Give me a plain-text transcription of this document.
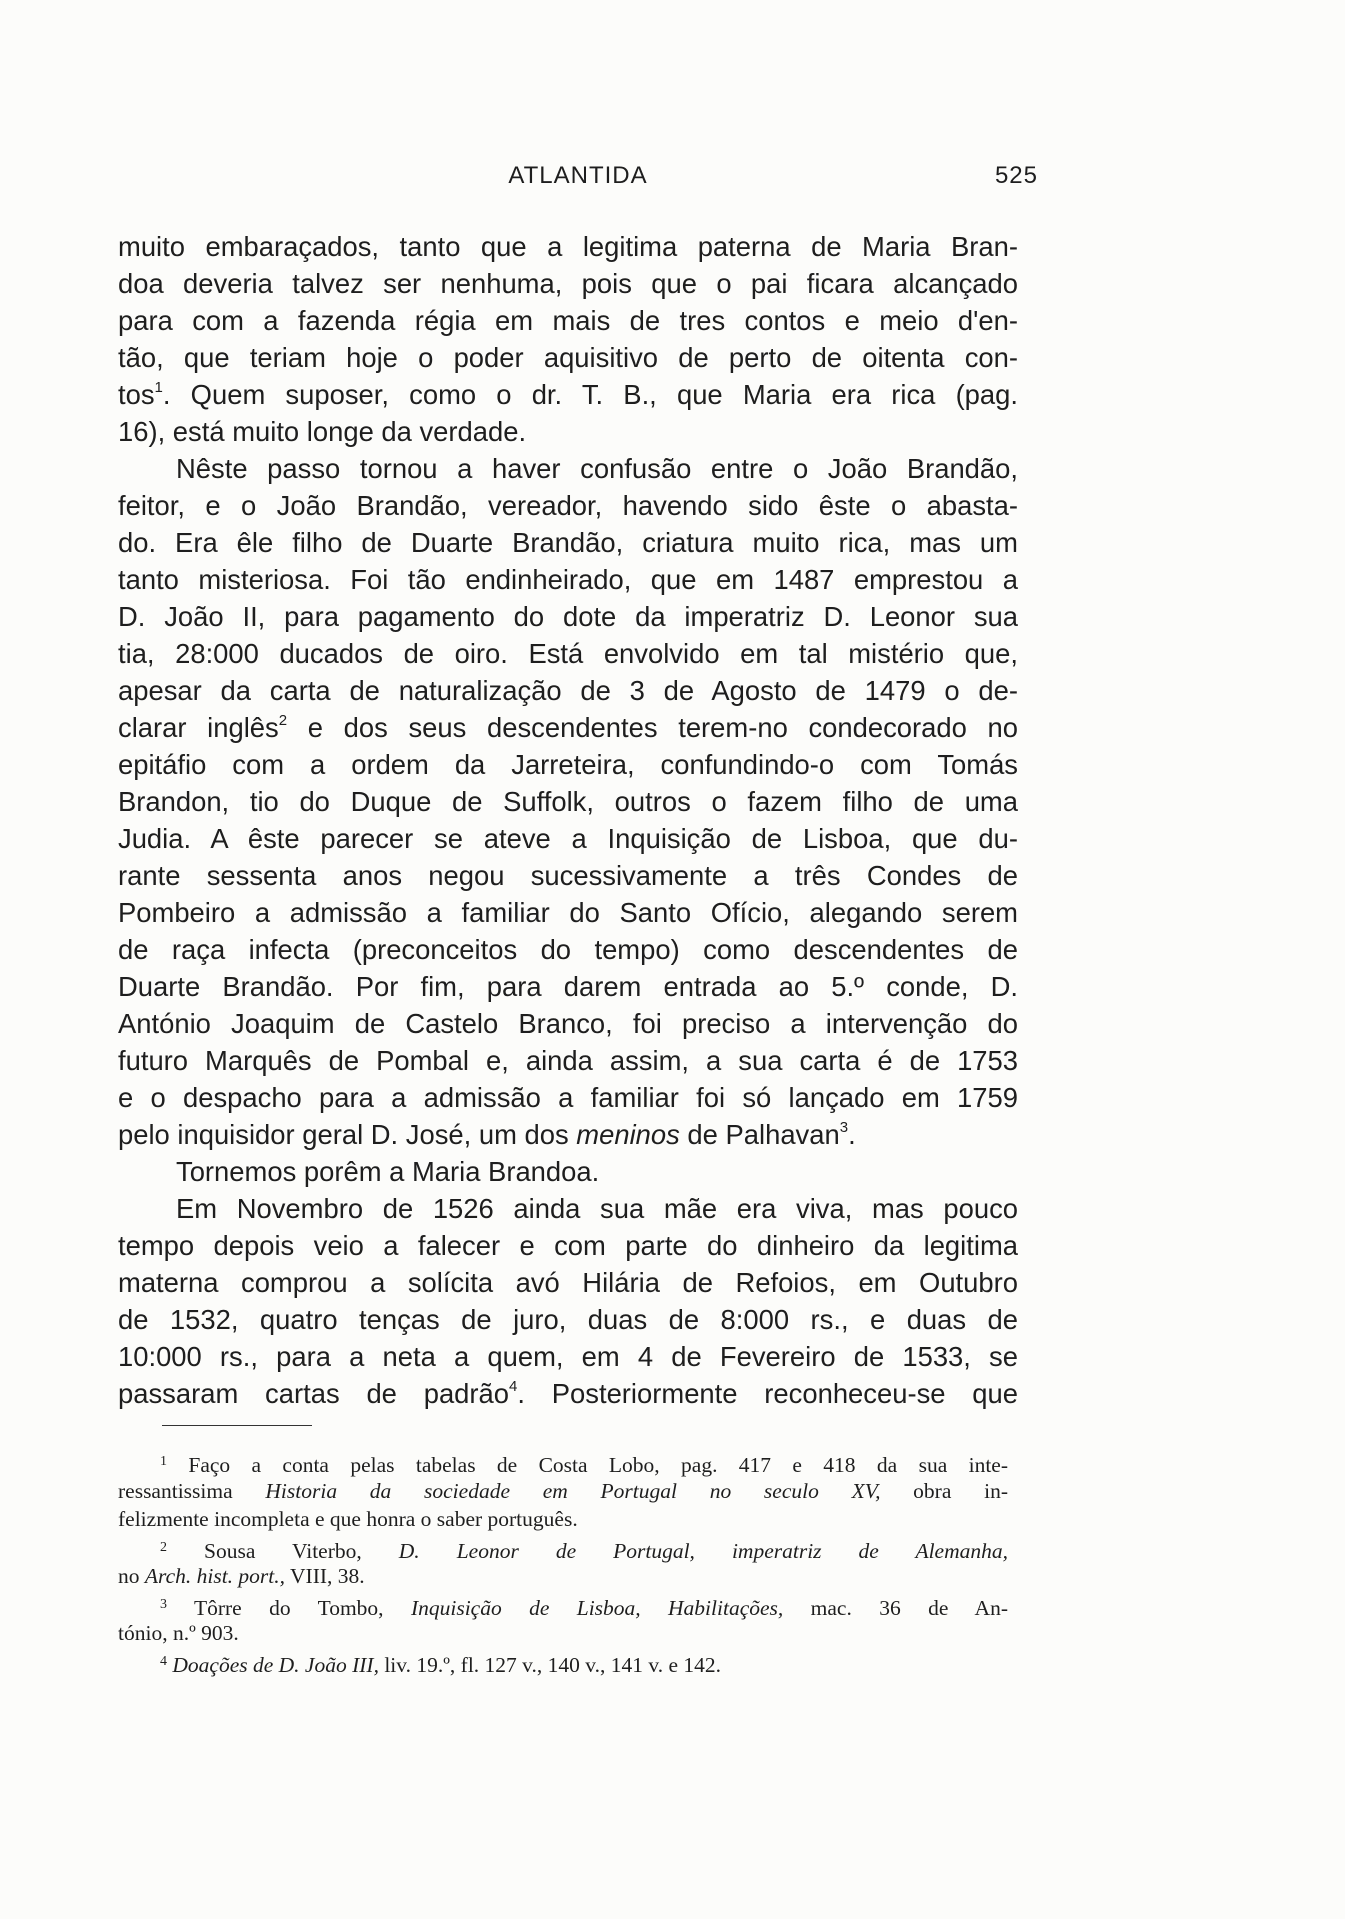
ATLANTIDA	525
muito embaraçados, tanto que a legitima paterna de Maria Bran-
doa deveria talvez ser nenhuma, pois que o pai ficara alcançado
para com a fazenda régia em mais de tres contos e meio d'en-
tão, que teriam hoje o poder aquisitivo de perto de oitenta con-
tos$^1$. Quem suposer, como o dr. T. B., que Maria era rica (pag.
16), está muito longe da verdade.
Nêste passo tornou a haver confusão entre o João Brandão,
feitor, e o João Brandão, vereador, havendo sido êste o abasta-
do. Era êle filho de Duarte Brandão, criatura muito rica, mas um
tanto misteriosa. Foi tão endinheirado, que em 1487 emprestou a
D. João II, para pagamento do dote da imperatriz D. Leonor sua
tia, 28:000 ducados de oiro. Está envolvido em tal mistério que,
apesar da carta de naturalização de 3 de Agosto de 1479 o de-
clarar inglês$^2$ e dos seus descendentes terem-no condecorado no
epitáfio com a ordem da Jarreteira, confundindo-o com Tomás
Brandon, tio do Duque de Suffolk, outros o fazem filho de uma
Judia. A êste parecer se ateve a Inquisição de Lisboa, que du-
rante sessenta anos negou sucessivamente a três Condes de
Pombeiro a admissão a familiar do Santo Ofício, alegando serem
de raça infecta (preconceitos do tempo) como descendentes de
Duarte Brandão. Por fim, para darem entrada ao 5.º conde, D.
António Joaquim de Castelo Branco, foi preciso a intervenção do
futuro Marquês de Pombal e, ainda assim, a sua carta é de 1753
e o despacho para a admissão a familiar foi só lançado em 1759
pelo inquisidor geral D. José, um dos meninos de Palhavan$^3$.
Tornemos porêm a Maria Brandoa.
Em Novembro de 1526 ainda sua mãe era viva, mas pouco
tempo depois veio a falecer e com parte do dinheiro da legitima
materna comprou a solícita avó Hilária de Refoios, em Outubro
de 1532, quatro tenças de juro, duas de 8:000 rs., e duas de
10:000 rs., para a neta a quem, em 4 de Fevereiro de 1533, se
passaram cartas de padrão$^4$. Posteriormente reconheceu-se que
$^1$ Faço a conta pelas tabelas de Costa Lobo, pag. 417 e 418 da sua inte-
ressantissima Historia da sociedade em Portugal no seculo XV, obra in-
felizmente incompleta e que honra o saber português.
$^2$ Sousa Viterbo, D. Leonor de Portugal, imperatriz de Alemanha,
no Arch. hist. port., VIII, 38.
$^3$ Tôrre do Tombo, Inquisição de Lisboa, Habilitações, mac. 36 de An-
tónio, n.º 903.
$^4$ Doações de D. João III, liv. 19.º, fl. 127 v., 140 v., 141 v. e 142.
